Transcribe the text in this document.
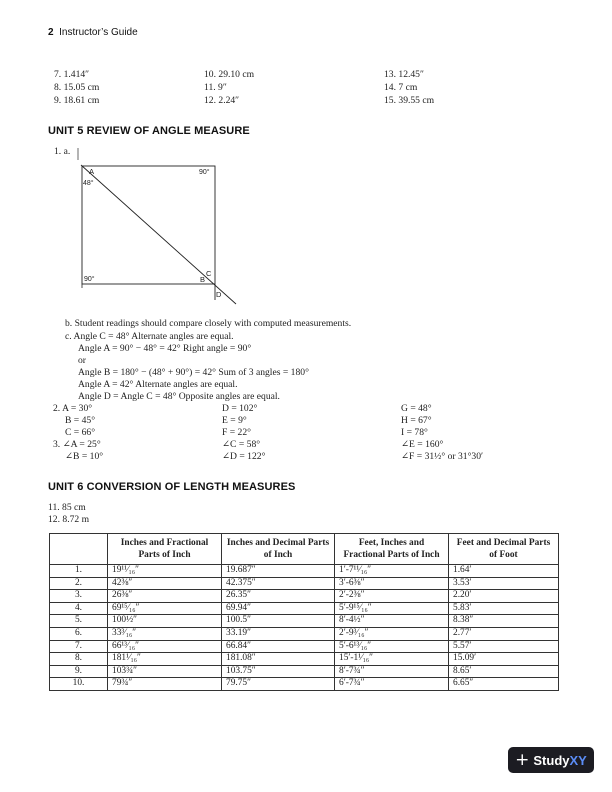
2 Instructor’s Guide
7. 1.414″	10. 29.10 cm	13. 12.45″
8. 15.05 cm	11. 9″	14. 7 cm
9. 18.61 cm	12. 2.24″	15. 39.55 cm
UNIT 5 REVIEW OF ANGLE MEASURE
1. a.
A
48°
90°
C
90°	B
D
b. Student readings should compare closely with computed measurements.
c. Angle C = 48° Alternate angles are equal.
Angle A = 90° − 48° = 42° Right angle = 90°
or
Angle B = 180° − (48° + 90°) = 42° Sum of 3 angles = 180°
Angle A = 42° Alternate angles are equal.
Angle D = Angle C = 48° Opposite angles are equal.
2. A = 30°	D = 102°	G = 48°
B = 45°	E = 9°	H = 67°
C = 66°	F = 22°	I = 78°
3. ∠A = 25°	∠C = 58°	∠E = 160°
∠B = 10°	∠D = 122°	∠F = 31½° or 31°30′
UNIT 6 CONVERSION OF LENGTH MEASURES
11. 85 cm
12. 8.72 m
	Inches and Fractional Parts of Inch	Inches and Decimal Parts of Inch	Feet, Inches and Fractional Parts of Inch	Feet and Decimal Parts of Foot
1.	19¹¹⁄₁₆″	19.687″	1′-7¹¹⁄₁₆″	1.64′
2.	42⅜″	42.375″	3′-6⅜″	3.53′
3.	26⅜″	26.35″	2′-2⅜″	2.20′
4.	69¹⁵⁄₁₆″	69.94″	5′-9¹⁵⁄₁₆″	5.83′
5.	100½″	100.5″	8′-4½″	8.38″
6.	33³⁄₁₆″	33.19″	2′-9³⁄₁₆″	2.77′
7.	66¹³⁄₁₆″	66.84″	5′-6¹³⁄₁₆″	5.57′
8.	181¹⁄₁₆″	181.08″	15′-1¹⁄₁₆″	15.09′
9.	103¾″	103.75″	8′-7¾″	8.65′
10.	79¾″	79.75″	6′-7¾″	6.65″
+ Study XY
